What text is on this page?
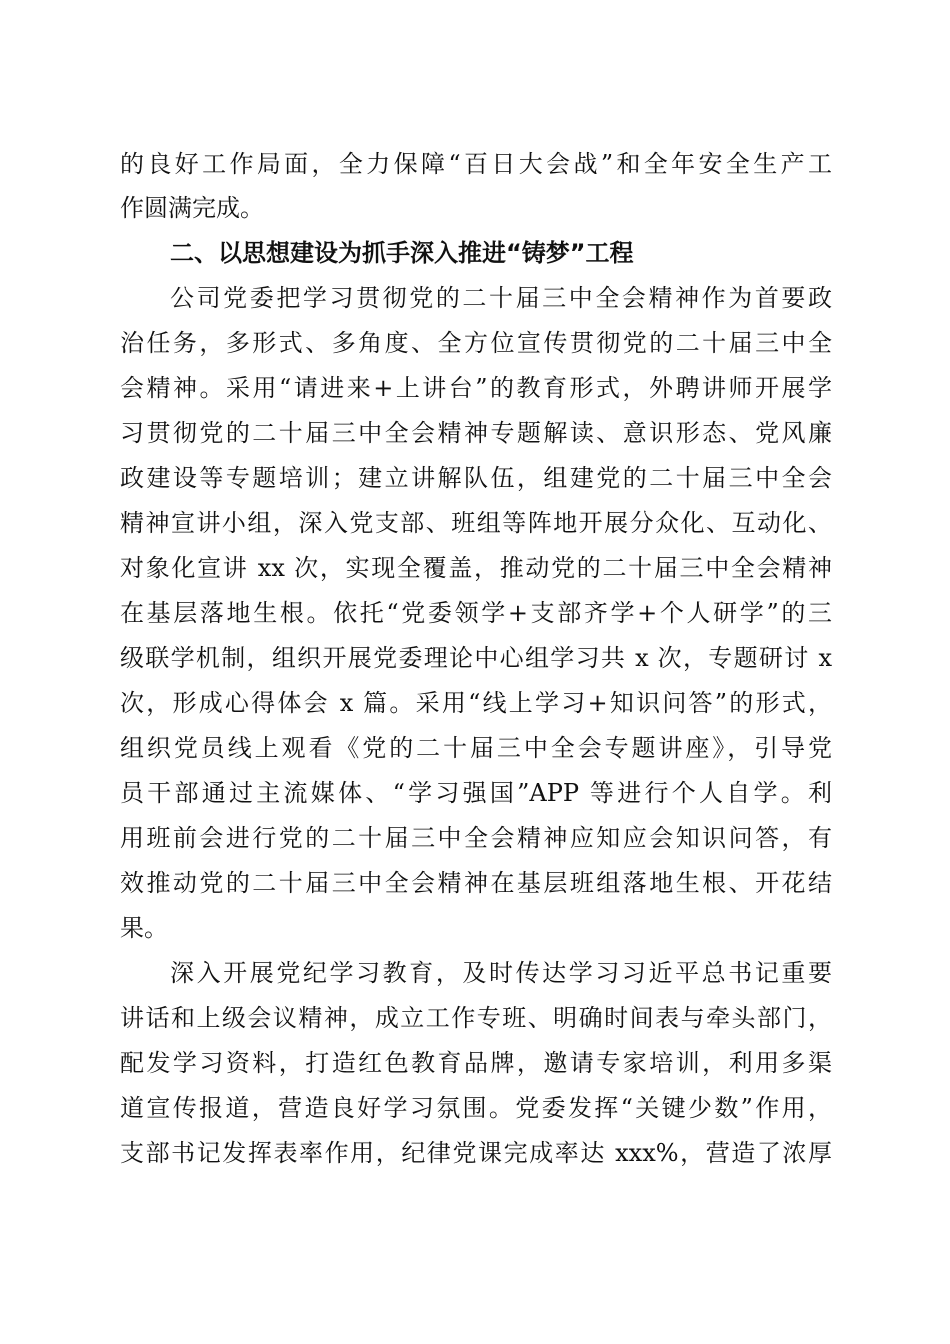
的良好工作局面，全力保障“百日大会战”和全年安全生产工
作圆满完成。
二、以思想建设为抓手深入推进“铸梦”工程
公司党委把学习贯彻党的二十届三中全会精神作为首要政
治任务，多形式、多角度、全方位宣传贯彻党的二十届三中全
会精神。采用“请进来+上讲台”的教育形式，外聘讲师开展学
习贯彻党的二十届三中全会精神专题解读、意识形态、党风廉
政建设等专题培训；建立讲解队伍，组建党的二十届三中全会
精神宣讲小组，深入党支部、班组等阵地开展分众化、互动化、
对象化宣讲 xx 次，实现全覆盖，推动党的二十届三中全会精神
在基层落地生根。依托“党委领学+支部齐学+个人研学”的三
级联学机制，组织开展党委理论中心组学习共 x 次，专题研讨 x
次，形成心得体会 x 篇。采用“线上学习+知识问答”的形式，
组织党员线上观看《党的二十届三中全会专题讲座》，引导党
员干部通过主流媒体、“学习强国”APP 等进行个人自学。利
用班前会进行党的二十届三中全会精神应知应会知识问答，有
效推动党的二十届三中全会精神在基层班组落地生根、开花结
果。
深入开展党纪学习教育，及时传达学习习近平总书记重要
讲话和上级会议精神，成立工作专班、明确时间表与牵头部门，
配发学习资料，打造红色教育品牌，邀请专家培训，利用多渠
道宣传报道，营造良好学习氛围。党委发挥“关键少数”作用，
支部书记发挥表率作用，纪律党课完成率达 xxx%，营造了浓厚
